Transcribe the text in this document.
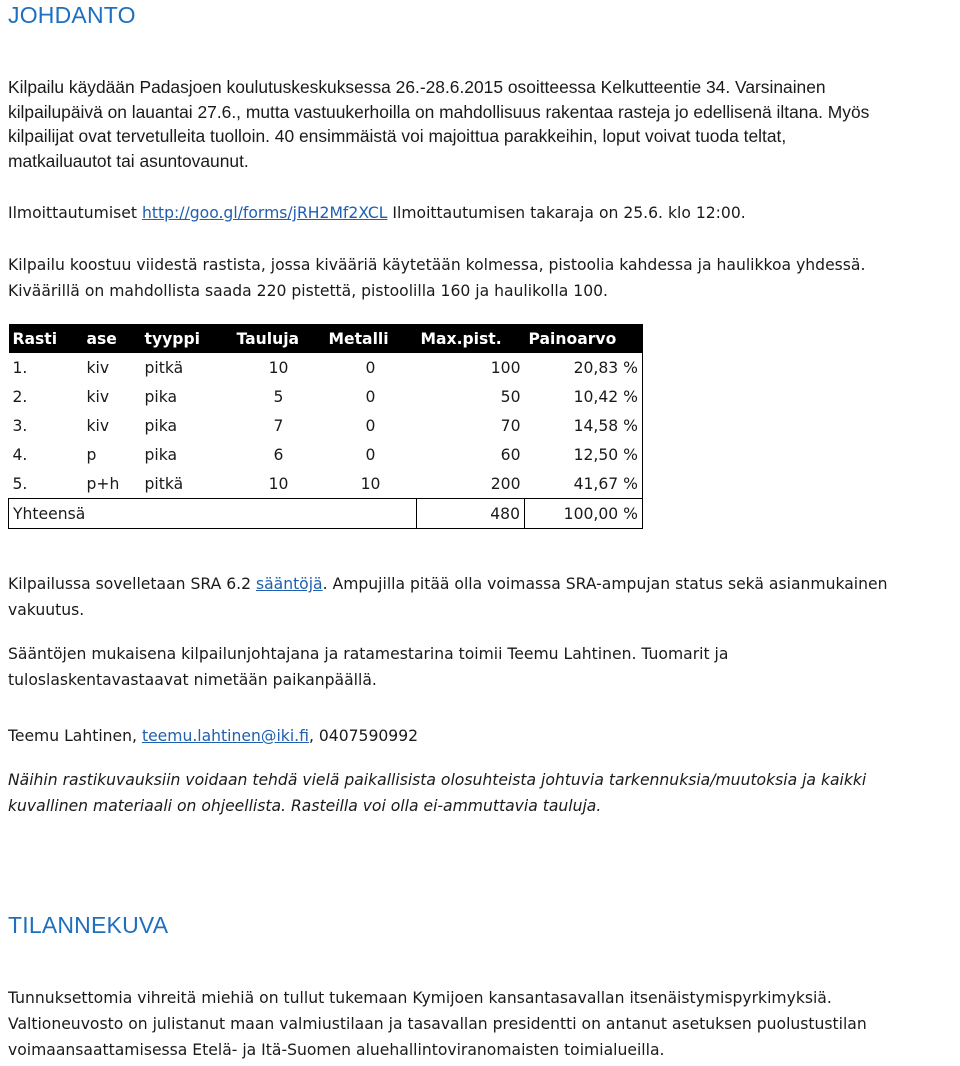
JOHDANTO

Kilpailu käydään Padasjoen koulutuskeskuksessa 26.-28.6.2015 osoitteessa Kelkutteentie 34. Varsinainen
kilpailupäivä on lauantai 27.6., mutta vastuukerhoilla on mahdollisuus rakentaa rasteja jo edellisenä iltana. Myös
kilpailijat ovat tervetulleita tuolloin. 40 ensimmäistä voi majoittua parakkeihin, loput voivat tuoda teltat,
matkailuautot tai asuntovaunut.

Ilmoittautumiset http://goo.gl/forms/jRH2Mf2XCL Ilmoittautumisen takaraja on 25.6. klo 12:00.

Kilpailu koostuu viidestä rastista, jossa kivääriä käytetään kolmessa, pistoolia kahdessa ja haulikkoa yhdessä.
Kiväärillä on mahdollista saada 220 pistettä, pistoolilla 160 ja haulikolla 100.

Rasti	ase	tyyppi	Tauluja	Metalli	Max.pist.	Painoarvo
1.	kiv	pitkä	10	0	100	20,83 %
2.	kiv	pika	5	0	50	10,42 %
3.	kiv	pika	7	0	70	14,58 %
4.	p	pika	6	0	60	12,50 %
5.	p+h	pitkä	10	10	200	41,67 %
Yhteensä					480	100,00 %

Kilpailussa sovelletaan SRA 6.2 sääntöjä. Ampujilla pitää olla voimassa SRA-ampujan status sekä asianmukainen
vakuutus.

Sääntöjen mukaisena kilpailunjohtajana ja ratamestarina toimii Teemu Lahtinen. Tuomarit ja
tuloslaskentavastaavat nimetään paikanpäällä.

Teemu Lahtinen, teemu.lahtinen@iki.fi, 0407590992

Näihin rastikuvauksiin voidaan tehdä vielä paikallisista olosuhteista johtuvia tarkennuksia/muutoksia ja kaikki
kuvallinen materiaali on ohjeellista. Rasteilla voi olla ei-ammuttavia tauluja.

TILANNEKUVA

Tunnuksettomia vihreitä miehiä on tullut tukemaan Kymijoen kansantasavallan itsenäistymispyrkimyksiä.
Valtioneuvosto on julistanut maan valmiustilaan ja tasavallan presidentti on antanut asetuksen puolustustilan
voimaansaattamisessa Etelä- ja Itä-Suomen aluehallintoviranomaisten toimialueilla.
